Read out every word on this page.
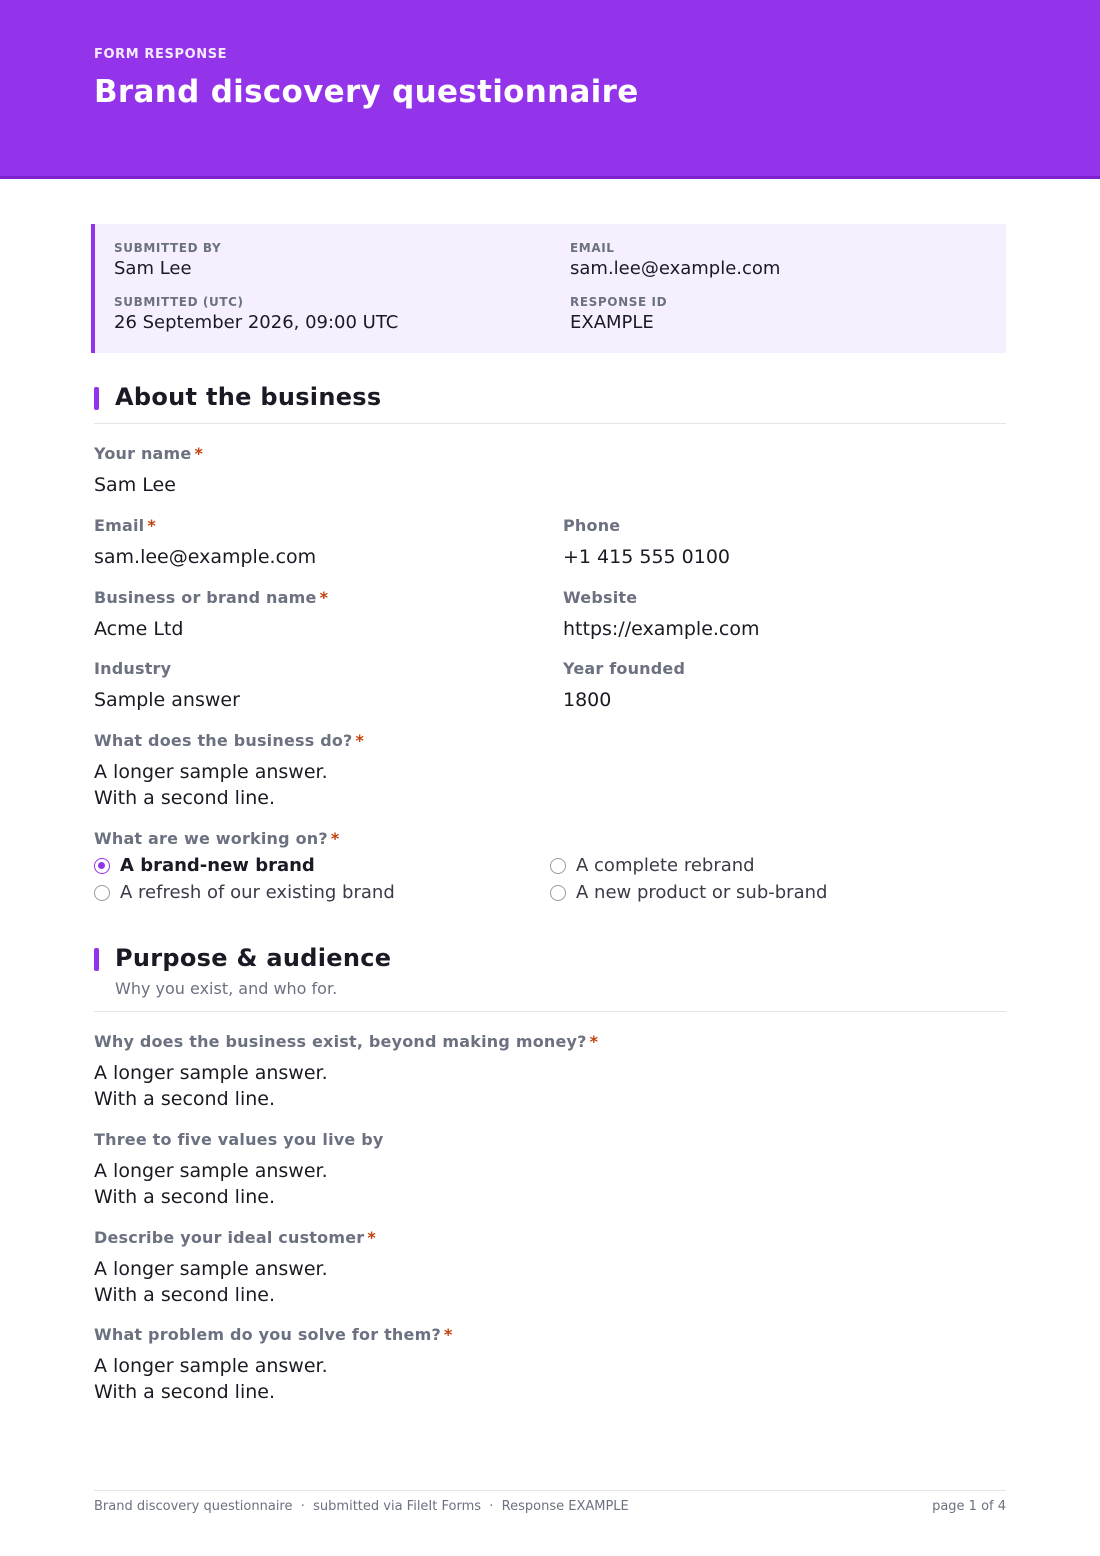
FORM RESPONSE
Brand discovery questionnaire
SUBMITTED BY
Sam Lee
EMAIL
sam.lee@example.com
SUBMITTED (UTC)
26 September 2026, 09:00 UTC
RESPONSE ID
EXAMPLE
About the business
Your name *
Sam Lee
Email *
sam.lee@example.com
Phone
+1 415 555 0100
Business or brand name *
Acme Ltd
Website
https://example.com
Industry
Sample answer
Year founded
1800
What does the business do? *
A longer sample answer.
With a second line.
What are we working on? *
A brand-new brand	A complete rebrand
A refresh of our existing brand	A new product or sub-brand
Purpose & audience
Why you exist, and who for.
Why does the business exist, beyond making money? *
A longer sample answer.
With a second line.
Three to five values you live by
A longer sample answer.
With a second line.
Describe your ideal customer *
A longer sample answer.
With a second line.
What problem do you solve for them? *
A longer sample answer.
With a second line.
Brand discovery questionnaire  ·  submitted via FileIt Forms  ·  Response EXAMPLE	page 1 of 4
